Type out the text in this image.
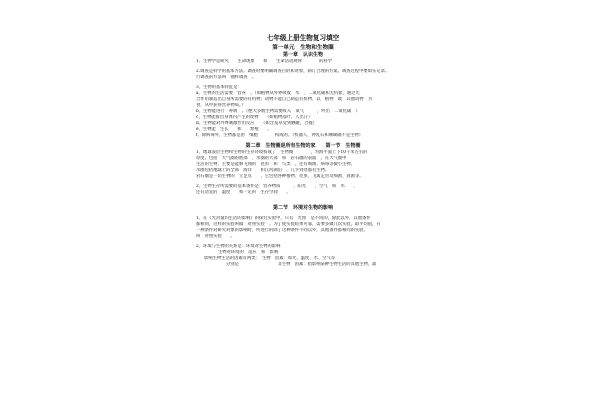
七年级上册生物复习填空
第一单元　生物和生物圈
第一章　认识生物

1、生物学是研究　　生命现象　　和　　生命活动规律　　　　的科学

2.调查是科学的基本方法。调查时要明确调查目的和对象，制订合理的方案。调查过程中要如实记录。

行调查的方法叫　抽样调查　。

3、生物的基本特征是：

a、生物的生活需要　营养　。（如植物从外界吸收　水　、二氧化碳和无机盐，通过光

合作用制造出自身所需要的有机物；动物不能自己制造有机物，以　植物　或　其他动物　为

食，从中获得营养物质。）

b、生物能进行　呼吸　。（绝大多数生物需要吸入　氧气　　　，呼出　二氧化碳　）

c、生物能排出身体内产生的废物　　（如植物落叶，人出汗）

d、生物能对外界刺激作出反应　　（如含羞草受到触碰，合拢）

e、生物能　生长　　和　　繁殖　　。

f、除病毒外，生物都是由　细胞　　　　构成的。（机器人、钟乳石和珊瑚礁不是生物）

第二章　生物圈是所有生物的家　　第一节　生物圈

1、地球表层生物和生物的生存环境构成了　生物圈　　　　，为海平面上下10千米左右的

厚度，包括　大气圈的底部　、水圈的大部　和　岩石圈的表面　。在大气圈中

生活的生物，主要是能够飞翔的　昆虫　和　鸟类　，还有细菌、病毒等微小生物。

水圈包括地球上的全部　海洋　　和江河湖泊　，几乎到处都有生物。

岩石圈是一切生物的　立足点　　，它包括各种植物、昆虫、飞禽走兽及细菌、真菌等。

2、生物生存所需要的基本条件是：营养物质　　　、阳光　　、空气　和　水　　、

还有适宜的　温度　　和一定的　生存空间　　。

第二节　环境对生物的影响

1、在《光对鼠妇生活的影响》的探究实验中，只有　光照　是不同的，除此以外，其他条件

都相同，这样的实验叫做　对照实验　。为了使实验结果可靠，需要多做几次实验，取平均值，在

一种条件对研究对象的影响时，所进行的除了这种条件不同以外，其他条件都相同的实验，

叫　对照实验　　。

2、环境与生物的关系是：环境对生物的影响

生物对环境的　适应　和　影响

影响生物生活的因素有两类：　生物　因素：如光、温度、水、空气等

分别是　　　　　　　　　非生物　因素：指影响某种生物生活的其他生物，最
